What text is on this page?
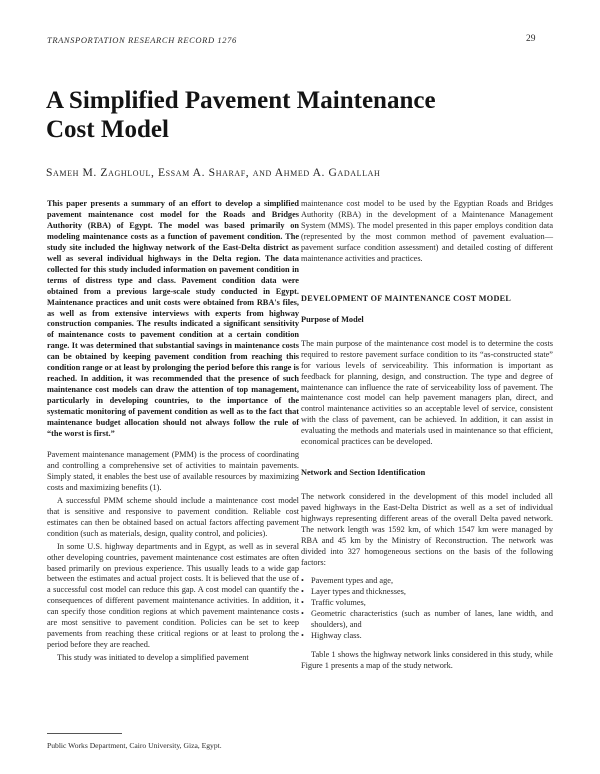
TRANSPORTATION RESEARCH RECORD 1276	29
A Simplified Pavement Maintenance Cost Model
Sameh M. Zaghloul, Essam A. Sharaf, and Ahmed A. Gadallah

This paper presents a summary of an effort to develop a simplified pavement maintenance cost model for the Roads and Bridges Authority (RBA) of Egypt. The model was based primarily on modeling maintenance costs as a function of pavement condition. The study site included the highway network of the East-Delta district as well as several individual highways in the Delta region. The data collected for this study included information on pavement condition in terms of distress type and class. Pavement condition data were obtained from a previous large-scale study conducted in Egypt. Maintenance practices and unit costs were obtained from RBA's files, as well as from extensive interviews with experts from highway construction companies. The results indicated a significant sensitivity of maintenance costs to pavement condition at a certain condition range. It was determined that substantial savings in maintenance costs can be obtained by keeping pavement condition from reaching this condition range or at least by prolonging the period before this range is reached. In addition, it was recommended that the presence of such maintenance cost models can draw the attention of top management, particularly in developing countries, to the importance of the systematic monitoring of pavement condition as well as to the fact that maintenance budget allocation should not always follow the rule of “the worst is first.”

Pavement maintenance management (PMM) is the process of coordinating and controlling a comprehensive set of activities to maintain pavements. Simply stated, it enables the best use of available resources by maximizing costs and maximizing benefits (1).

A successful PMM scheme should include a maintenance cost model that is sensitive and responsive to pavement condition. Reliable cost estimates can then be obtained based on actual factors affecting pavement condition (such as materials, design, quality control, and policies).

In some U.S. highway departments and in Egypt, as well as in several other developing countries, pavement maintenance cost estimates are often based primarily on previous experience. This usually leads to a wide gap between the estimates and actual project costs. It is believed that the use of a successful cost model can reduce this gap. A cost model can quantify the consequences of different pavement maintenance activities. In addition, it can specify those condition regions at which pavement maintenance costs are most sensitive to pavement condition. Policies can be set to keep pavements from reaching these critical regions or at least to prolong the period before they are reached.

This study was initiated to develop a simplified pavement

maintenance cost model to be used by the Egyptian Roads and Bridges Authority (RBA) in the development of a Maintenance Management System (MMS). The model presented in this paper employs condition data (represented by the most common method of pavement evaluation—pavement surface condition assessment) and detailed costing of different maintenance activities and practices.

DEVELOPMENT OF MAINTENANCE COST MODEL

Purpose of Model

The main purpose of the maintenance cost model is to determine the costs required to restore pavement surface condition to its “as-constructed state” for various levels of serviceability. This information is important as feedback for planning, design, and construction. The type and degree of maintenance can influence the rate of serviceability loss of pavement. The maintenance cost model can help pavement managers plan, direct, and control maintenance activities so an acceptable level of service, consistent with the class of pavement, can be achieved. In addition, it can assist in evaluating the methods and materials used in maintenance so that efficient, economical practices can be developed.

Network and Section Identification

The network considered in the development of this model included all paved highways in the East-Delta District as well as a set of individual highways representing different areas of the overall Delta paved network. The network length was 1592 km, of which 1547 km were managed by RBA and 45 km by the Ministry of Reconstruction. The network was divided into 327 homogeneous sections on the basis of the following factors:

• Pavement types and age,
• Layer types and thicknesses,
• Traffic volumes,
• Geometric characteristics (such as number of lanes, lane width, and shoulders), and
• Highway class.

Table 1 shows the highway network links considered in this study, while Figure 1 presents a map of the study network.

Public Works Department, Cairo University, Giza, Egypt.
